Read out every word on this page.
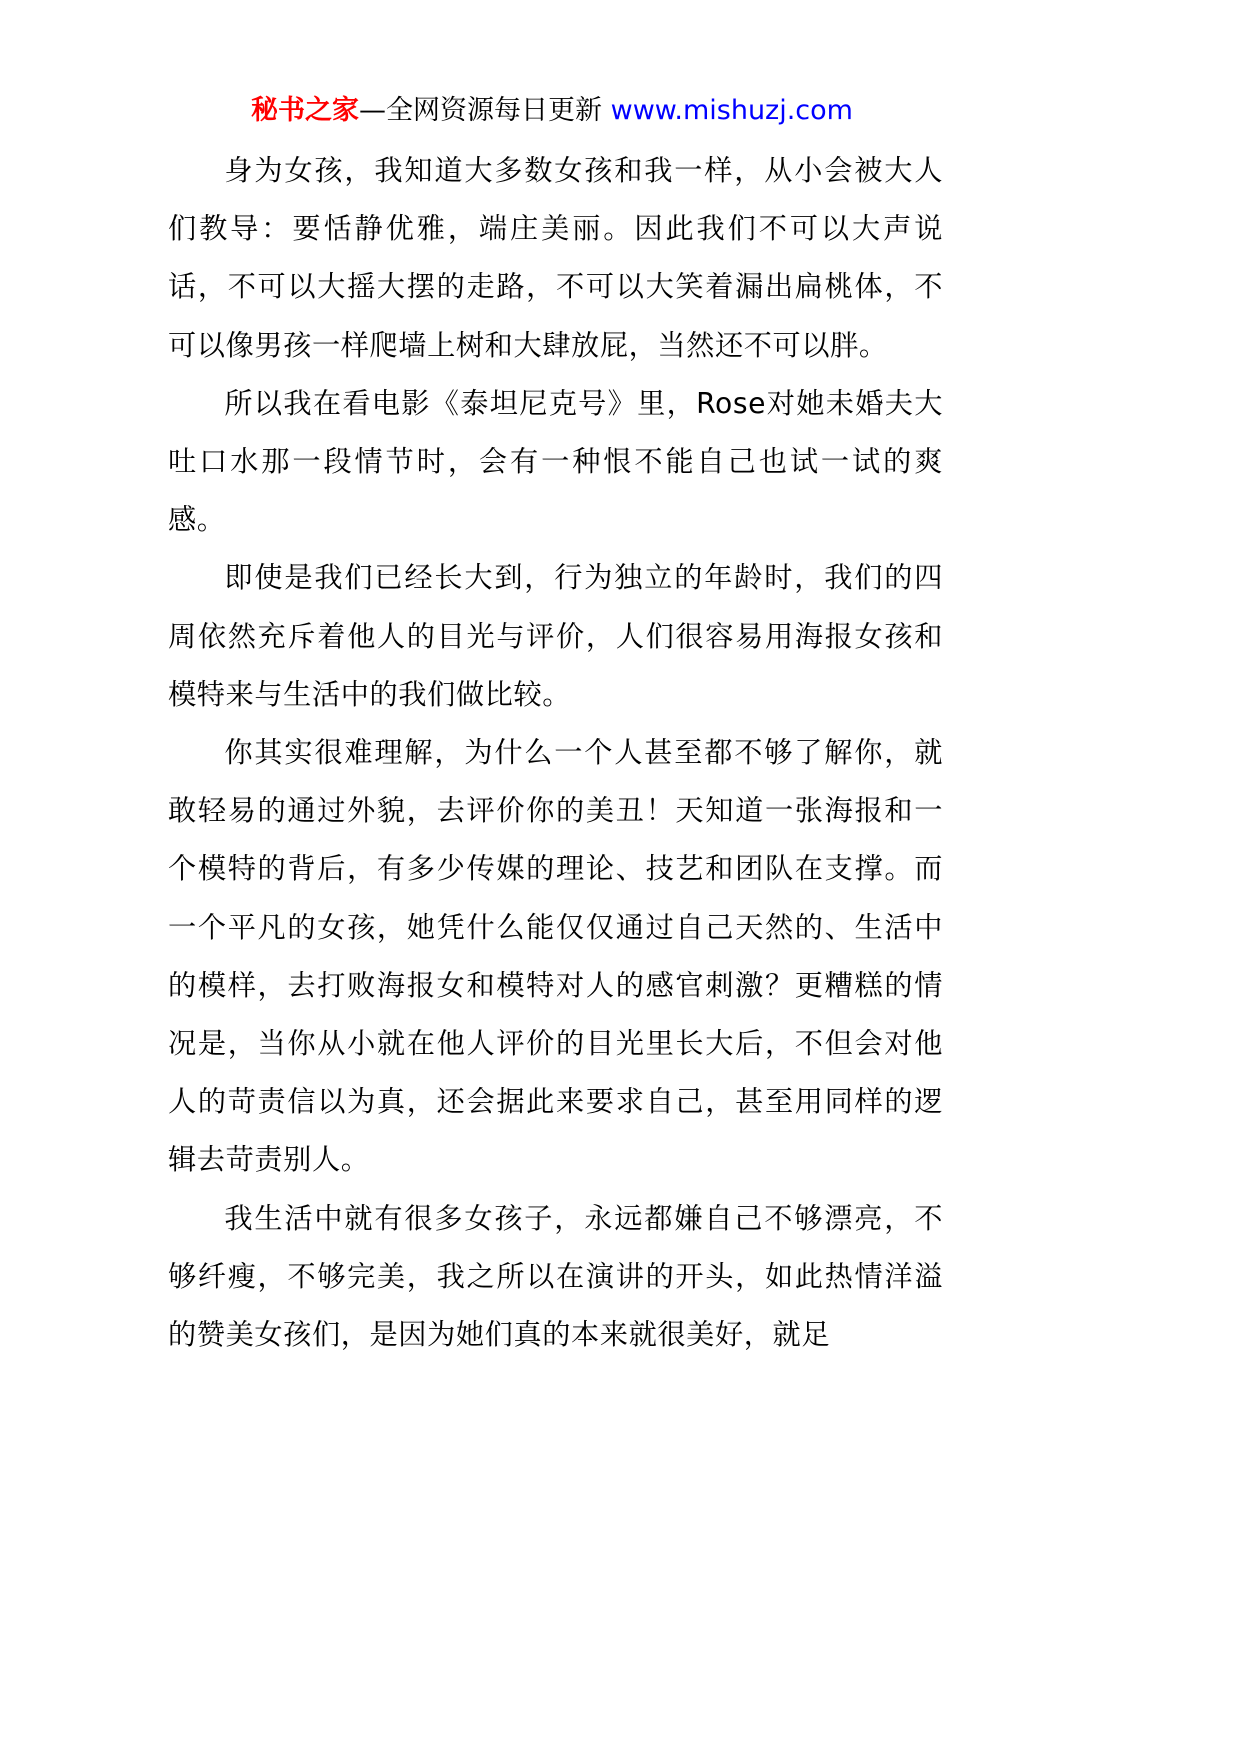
秘书之家—全网资源每日更新 www.mishuzj.com

身为女孩，我知道大多数女孩和我一样，从小会被大人们教导：要恬静优雅，端庄美丽。因此我们不可以大声说话，不可以大摇大摆的走路，不可以大笑着漏出扁桃体，不可以像男孩一样爬墙上树和大肆放屁，当然还不可以胖。

所以我在看电影《泰坦尼克号》里，Rose对她未婚夫大吐口水那一段情节时，会有一种恨不能自己也试一试的爽感。

即使是我们已经长大到，行为独立的年龄时，我们的四周依然充斥着他人的目光与评价，人们很容易用海报女孩和模特来与生活中的我们做比较。

你其实很难理解，为什么一个人甚至都不够了解你，就敢轻易的通过外貌，去评价你的美丑！天知道一张海报和一个模特的背后，有多少传媒的理论、技艺和团队在支撑。而一个平凡的女孩，她凭什么能仅仅通过自己天然的、生活中的模样，去打败海报女和模特对人的感官刺激？更糟糕的情况是，当你从小就在他人评价的目光里长大后，不但会对他人的苛责信以为真，还会据此来要求自己，甚至用同样的逻辑去苛责别人。

我生活中就有很多女孩子，永远都嫌自己不够漂亮，不够纤瘦，不够完美，我之所以在演讲的开头，如此热情洋溢的赞美女孩们，是因为她们真的本来就很美好，就足
